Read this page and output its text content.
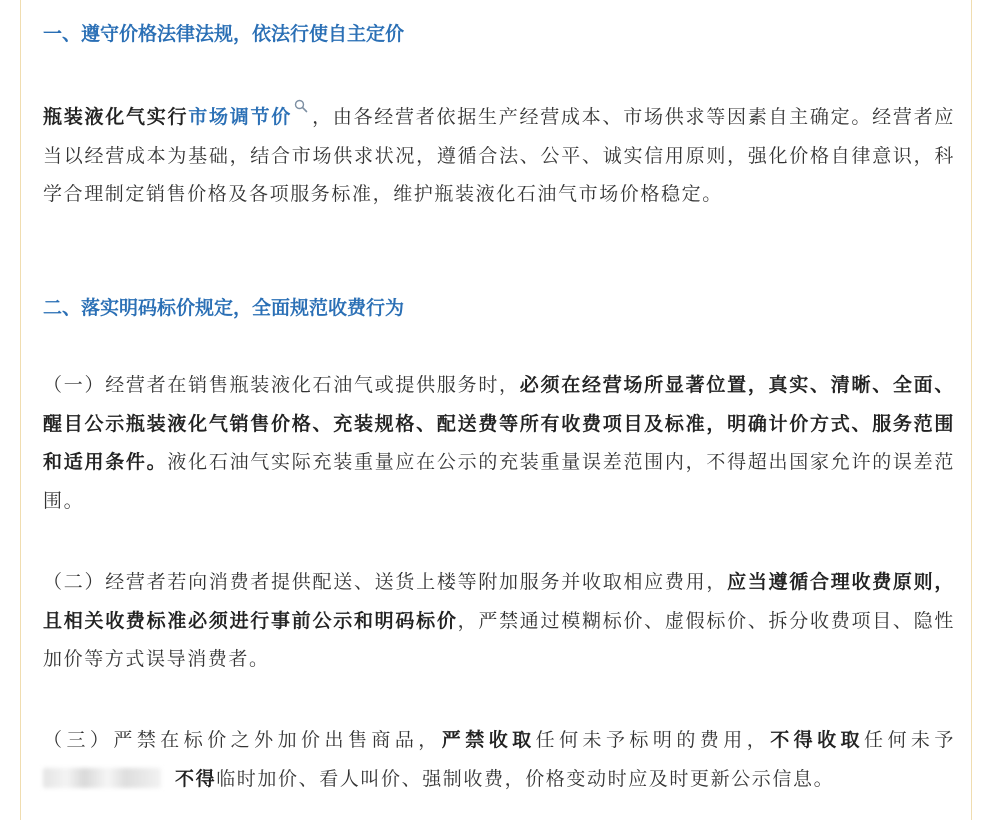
一、遵守价格法律法规，依法行使自主定价

瓶装液化气实行市场调节价 ，由各经营者依据生产经营成本、市场供求等因素自主确定。经营者应当以经营成本为基础，结合市场供求状况，遵循合法、公平、诚实信用原则，强化价格自律意识，科学合理制定销售价格及各项服务标准，维护瓶装液化石油气市场价格稳定。

二、落实明码标价规定，全面规范收费行为

（一）经营者在销售瓶装液化石油气或提供服务时，必须在经营场所显著位置，真实、清晰、全面、醒目公示瓶装液化气销售价格、充装规格、配送费等所有收费项目及标准，明确计价方式、服务范围和适用条件。液化石油气实际充装重量应在公示的充装重量误差范围内，不得超出国家允许的误差范围。

（二）经营者若向消费者提供配送、送货上楼等附加服务并收取相应费用，应当遵循合理收费原则，且相关收费标准必须进行事前公示和明码标价，严禁通过模糊标价、虚假标价、拆分收费项目、隐性加价等方式误导消费者。

（三）严禁在标价之外加价出售商品，严禁收取任何未予标明的费用，不得收取任何未予不得临时加价、看人叫价、强制收费，价格变动时应及时更新公示信息。
